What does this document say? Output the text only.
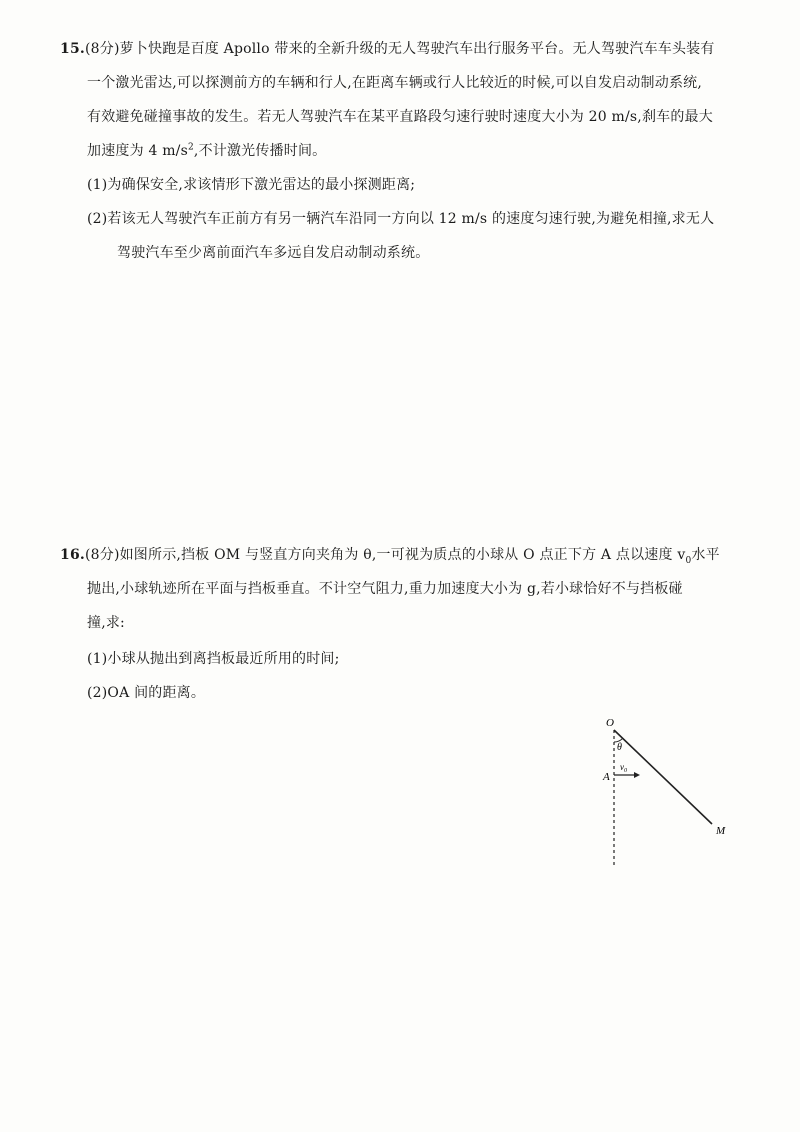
15.(8分)萝卜快跑是百度 Apollo 带来的全新升级的无人驾驶汽车出行服务平台。无人驾驶汽车车头装有
一个激光雷达,可以探测前方的车辆和行人,在距离车辆或行人比较近的时候,可以自发启动制动系统,
有效避免碰撞事故的发生。若无人驾驶汽车在某平直路段匀速行驶时速度大小为 20 m/s,刹车的最大
加速度为 4 $m/s^2$,不计激光传播时间。
(1)为确保安全,求该情形下激光雷达的最小探测距离;
(2)若该无人驾驶汽车正前方有另一辆汽车沿同一方向以 12 m/s 的速度匀速行驶,为避免相撞,求无人
驾驶汽车至少离前面汽车多远自发启动制动系统。
16.(8分)如图所示,挡板 OM 与竖直方向夹角为 θ,一可视为质点的小球从 O 点正下方 A 点以速度 $v_0$水平
抛出,小球轨迹所在平面与挡板垂直。不计空气阻力,重力加速度大小为 g,若小球恰好不与挡板碰
撞,求:
(1)小球从抛出到离挡板最近所用的时间;
(2)OA 间的距离。
O
A
M
θ
$v_0$
